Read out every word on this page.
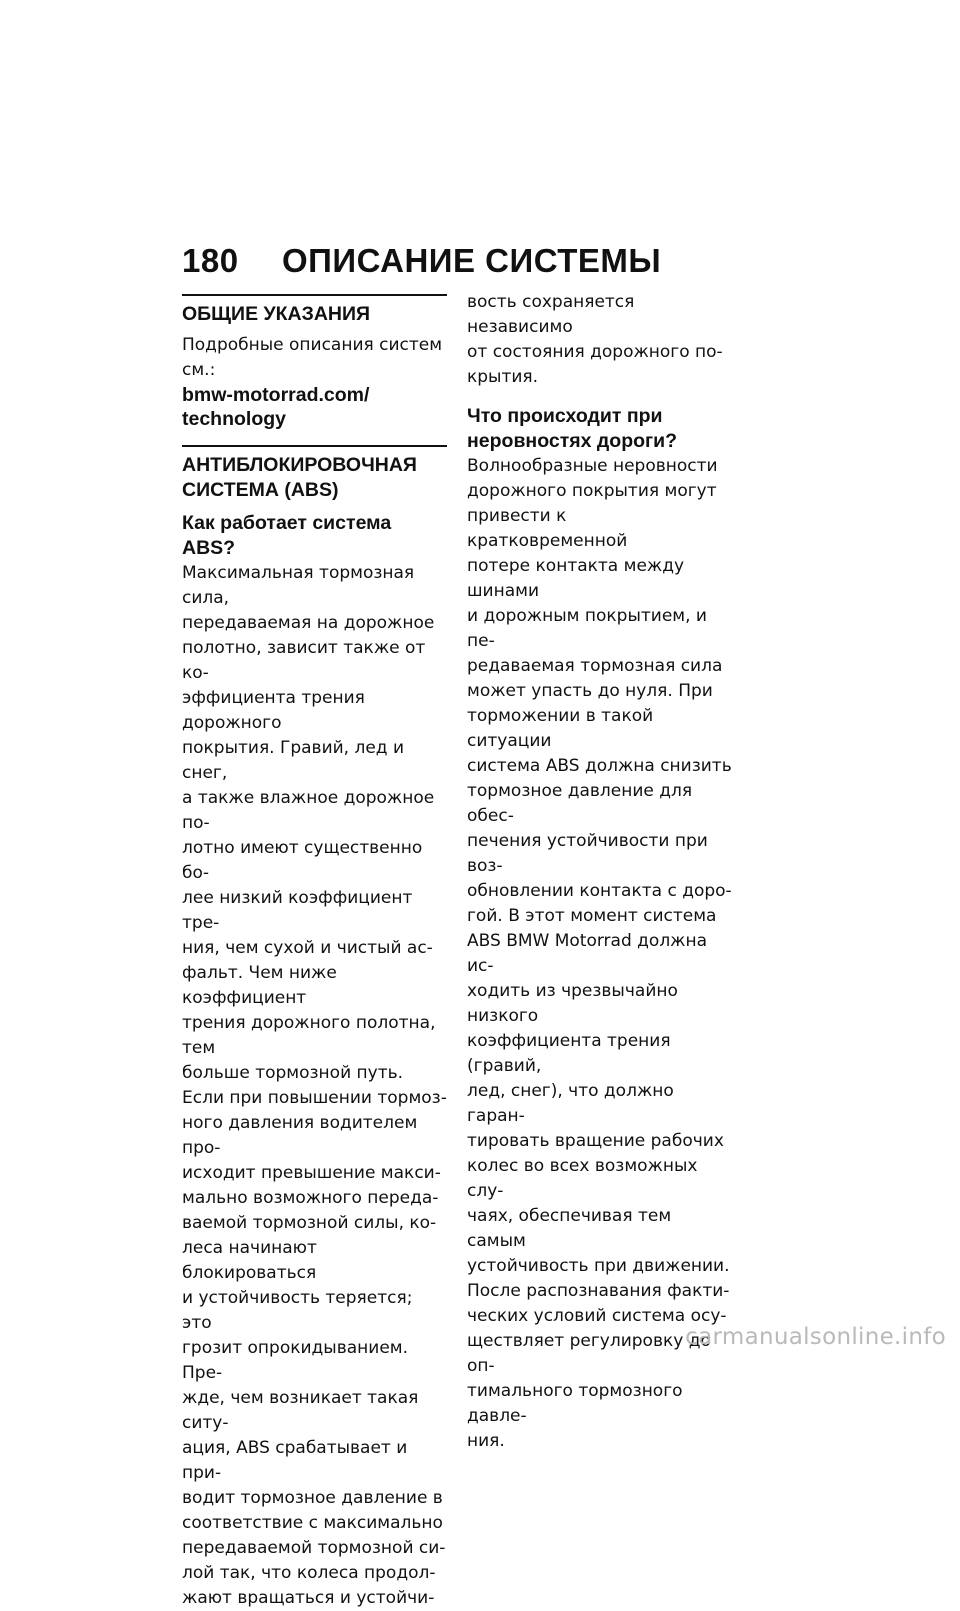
180	ОПИСАНИЕ СИСТЕМЫ
ОБЩИЕ УКАЗАНИЯ

Подробные описания систем
см.:

bmw-motorrad.com/
technology

АНТИБЛОКИРОВОЧНАЯ
СИСТЕМА (ABS)
Как работает система ABS?

Максимальная тормозная сила,
передаваемая на дорожное
полотно, зависит также от ко-
эффициента трения дорожного
покрытия. Гравий, лед и снег,
а также влажное дорожное по-
лотно имеют существенно бо-
лее низкий коэффициент тре-
ния, чем сухой и чистый ас-
фальт. Чем ниже коэффициент
трения дорожного полотна, тем
больше тормозной путь.

Если при повышении тормоз-
ного давления водителем про-
исходит превышение макси-
мально возможного переда-
ваемой тормозной силы, ко-
леса начинают блокироваться
и устойчивость теряется; это
грозит опрокидыванием. Пре-
жде, чем возникает такая ситу-
ация, ABS срабатывает и при-
водит тормозное давление в
соответствие с максимально
передаваемой тормозной си-
лой так, что колеса продол-
жают вращаться и устойчи-

вость сохраняется независимо
от состояния дорожного по-
крытия.

Что происходит при
неровностях дороги?

Волнообразные неровности
дорожного покрытия могут
привести к кратковременной
потере контакта между шинами
и дорожным покрытием, и пе-
редаваемая тормозная сила
может упасть до нуля. При
торможении в такой ситуации
система ABS должна снизить
тормозное давление для обес-
печения устойчивости при воз-
обновлении контакта с доро-
гой. В этот момент система
ABS BMW Motorrad должна ис-
ходить из чрезвычайно низкого
коэффициента трения (гравий,
лед, снег), что должно гаран-
тировать вращение рабочих
колес во всех возможных слу-
чаях, обеспечивая тем самым
устойчивость при движении.

После распознавания факти-
ческих условий система осу-
ществляет регулировку до оп-
тимального тормозного давле-
ния.

carmanualsonline.info
